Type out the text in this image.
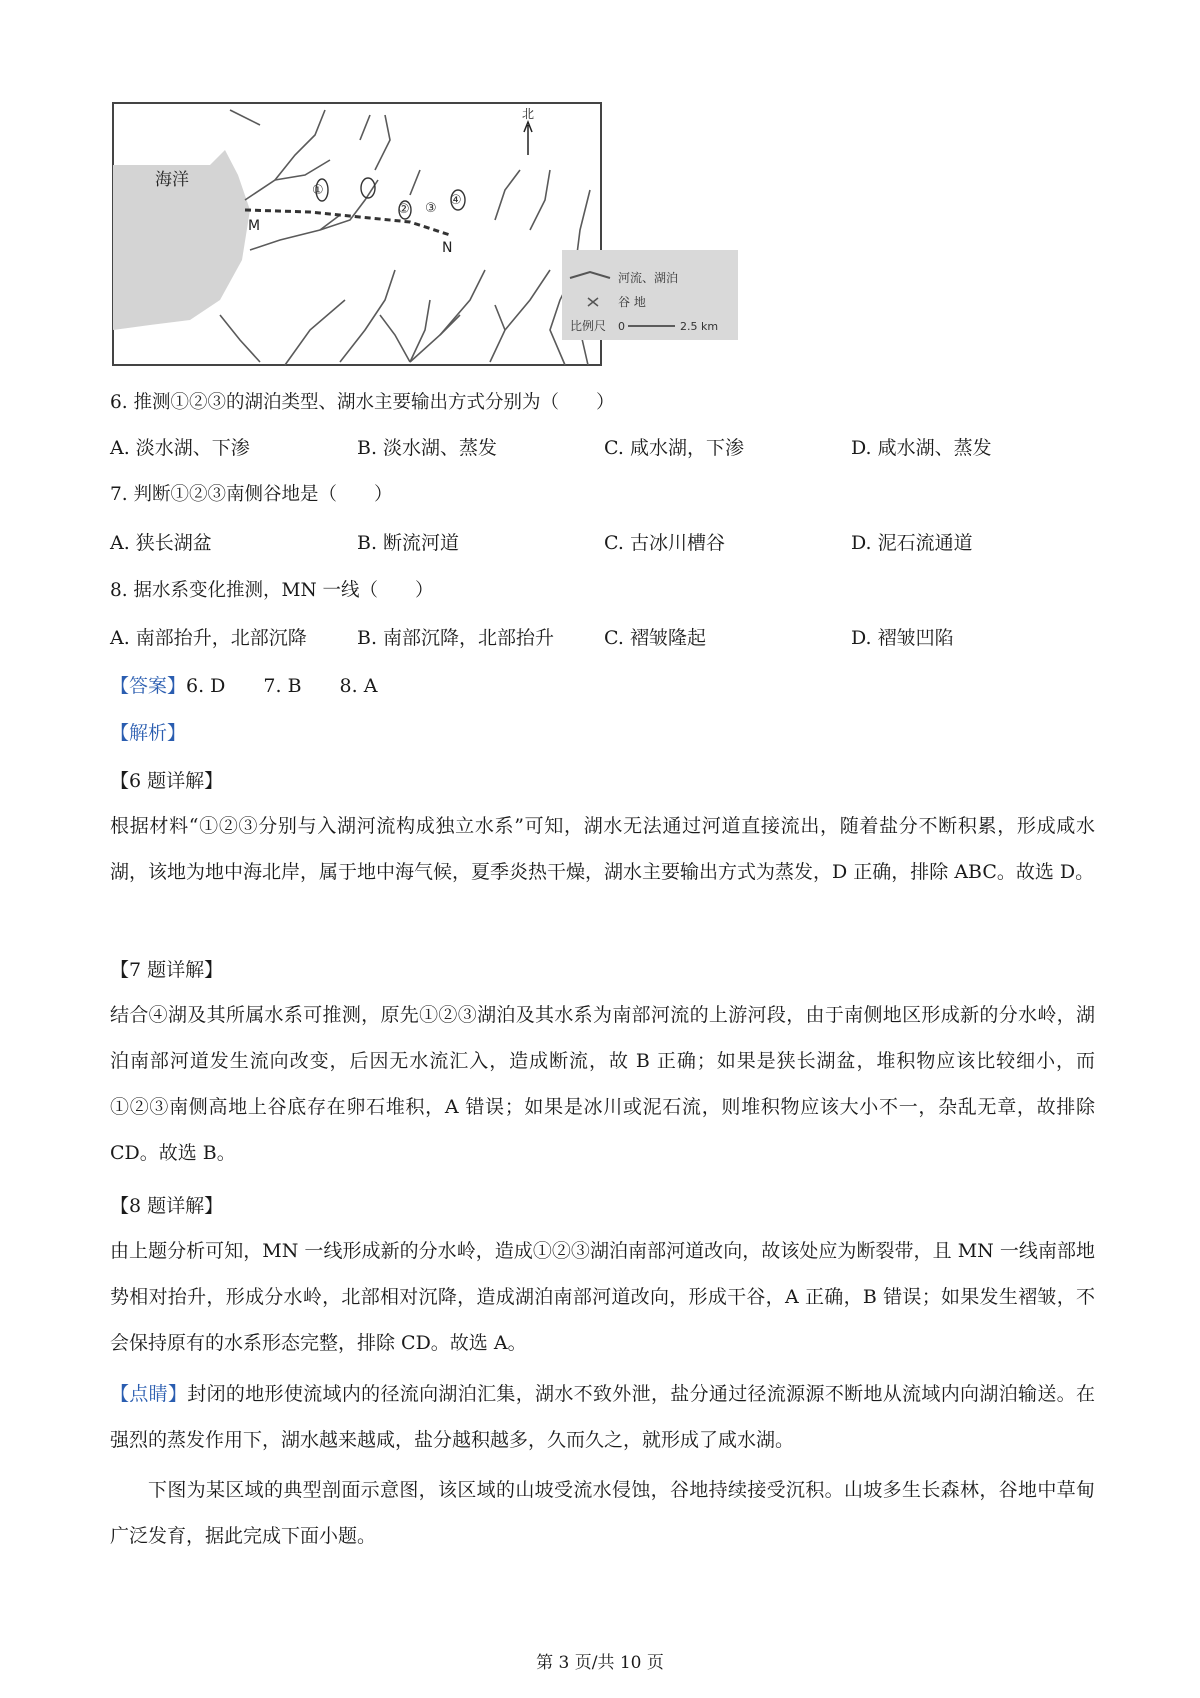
海洋
①
② ③
④
M
N
北
河流、湖泊
谷 地
比例尺 0	2.5 km
6. 推测①②③的湖泊类型、湖水主要输出方式分别为（　　）
A. 淡水湖、下渗	B. 淡水湖、蒸发	C. 咸水湖，下渗	D. 咸水湖、蒸发
7. 判断①②③南侧谷地是（　　）
A. 狭长湖盆	B. 断流河道	C. 古冰川槽谷	D. 泥石流通道
8. 据水系变化推测，MN 一线（　　）
A. 南部抬升，北部沉降	B. 南部沉降，北部抬升	C. 褶皱隆起	D. 褶皱凹陷
【答案】6. D　　7. B　　8. A
【解析】
【6 题详解】
根据材料“①②③分别与入湖河流构成独立水系”可知，湖水无法通过河道直接流出，随着盐分不断积累，形成咸水湖，该地为地中海北岸，属于地中海气候，夏季炎热干燥，湖水主要输出方式为蒸发，D 正确，排除 ABC。故选 D。
【7 题详解】
结合④湖及其所属水系可推测，原先①②③湖泊及其水系为南部河流的上游河段，由于南侧地区形成新的分水岭，湖泊南部河道发生流向改变，后因无水流汇入，造成断流，故 B 正确；如果是狭长湖盆，堆积物应该比较细小，而①②③南侧高地上谷底存在卵石堆积，A 错误；如果是冰川或泥石流，则堆积物应该大小不一，杂乱无章，故排除 CD。故选 B。
【8 题详解】
由上题分析可知，MN 一线形成新的分水岭，造成①②③湖泊南部河道改向，故该处应为断裂带，且 MN 一线南部地势相对抬升，形成分水岭，北部相对沉降，造成湖泊南部河道改向，形成干谷，A 正确，B 错误；如果发生褶皱，不会保持原有的水系形态完整，排除 CD。故选 A。
【点睛】封闭的地形使流域内的径流向湖泊汇集，湖水不致外泄，盐分通过径流源源不断地从流域内向湖泊输送。在强烈的蒸发作用下，湖水越来越咸，盐分越积越多，久而久之，就形成了咸水湖。
下图为某区域的典型剖面示意图，该区域的山坡受流水侵蚀，谷地持续接受沉积。山坡多生长森林，谷地中草甸广泛发育，据此完成下面小题。
第 3 页/共 10 页
